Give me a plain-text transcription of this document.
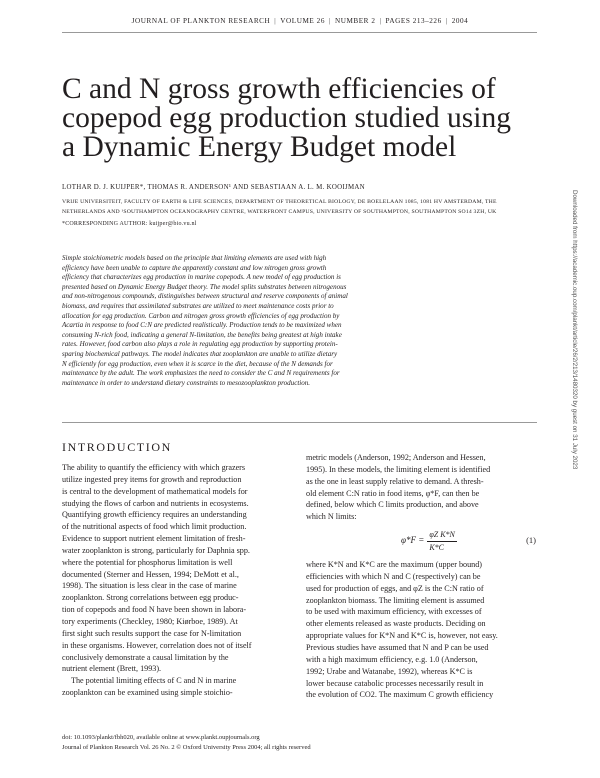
JOURNAL OF PLANKTON RESEARCH | VOLUME 26 | NUMBER 2 | PAGES 213–226 | 2004
C and N gross growth efficiencies of
copepod egg production studied using
a Dynamic Energy Budget model
LOTHAR D. J. KUIJPER*, THOMAS R. ANDERSON¹ AND SEBASTIAAN A. L. M. KOOIJMAN
VRIJE UNIVERSITEIT, FACULTY OF EARTH & LIFE SCIENCES, DEPARTMENT OF THEORETICAL BIOLOGY, DE BOELELAAN 1085, 1081 HV AMSTERDAM, THE
NETHERLANDS AND ¹SOUTHAMPTON OCEANOGRAPHY CENTRE, WATERFRONT CAMPUS, UNIVERSITY OF SOUTHAMPTON, SOUTHAMPTON SO14 3ZH, UK
*CORRESPONDING AUTHOR: kuijper@bio.vu.nl
Simple stoichiometric models based on the principle that limiting elements are used with high
efficiency have been unable to capture the apparently constant and low nitrogen gross growth
efficiency that characterizes egg production in marine copepods. A new model of egg production is
presented based on Dynamic Energy Budget theory. The model splits substrates between nitrogenous
and non-nitrogenous compounds, distinguishes between structural and reserve components of animal
biomass, and requires that assimilated substrates are utilized to meet maintenance costs prior to
allocation for egg production. Carbon and nitrogen gross growth efficiencies of egg production by
Acartia in response to food C:N are predicted realistically. Production tends to be maximized when
consuming N-rich food, indicating a general N-limitation, the benefits being greatest at high intake
rates. However, food carbon also plays a role in regulating egg production by supporting protein-
sparing biochemical pathways. The model indicates that zooplankton are unable to utilize dietary
N efficiently for egg production, even when it is scarce in the diet, because of the N demands for
maintenance by the adult. The work emphasizes the need to consider the C and N requirements for
maintenance in order to understand dietary constraints to mesozooplankton production.
INTRODUCTION
The ability to quantify the efficiency with which grazers
utilize ingested prey items for growth and reproduction
is central to the development of mathematical models for
studying the flows of carbon and nutrients in ecosystems.
Quantifying growth efficiency requires an understanding
of the nutritional aspects of food which limit production.
Evidence to support nutrient element limitation of fresh-
water zooplankton is strong, particularly for Daphnia spp.
where the potential for phosphorus limitation is well
documented (Sterner and Hessen, 1994; DeMott et al.,
1998). The situation is less clear in the case of marine
zooplankton. Strong correlations between egg produc-
tion of copepods and food N have been shown in labora-
tory experiments (Checkley, 1980; Kiørboe, 1989). At
first sight such results support the case for N-limitation
in these organisms. However, correlation does not of itself
conclusively demonstrate a causal limitation by the
nutrient element (Brett, 1993).
The potential limiting effects of C and N in marine
zooplankton can be examined using simple stoichio-
metric models (Anderson, 1992; Anderson and Hessen,
1995). In these models, the limiting element is identified
as the one in least supply relative to demand. A thresh-
old element C:N ratio in food items, φ*F, can then be
defined, below which C limits production, and above
which N limits:
$\varphi*F = \frac{\text{φZ K*N}}{K*C}$	(1)
where K*N and K*C are the maximum (upper bound)
efficiencies with which N and C (respectively) can be
used for production of eggs, and φZ is the C:N ratio of
zooplankton biomass. The limiting element is assumed
to be used with maximum efficiency, with excesses of
other elements released as waste products. Deciding on
appropriate values for K*N and K*C is, however, not easy.
Previous studies have assumed that N and P can be used
with a high maximum efficiency, e.g. 1.0 (Anderson,
1992; Urabe and Watanabe, 1992), whereas K*C is
lower because catabolic processes necessarily result in
the evolution of CO2. The maximum C growth efficiency
doi: 10.1093/plankt/fbh020, available online at www.plankt.oupjournals.org
Journal of Plankton Research Vol. 26 No. 2 © Oxford University Press 2004; all rights reserved
Downloaded from https://academic.oup.com/plankt/article/26/2/213/1480320 by guest on 31 July 2023
